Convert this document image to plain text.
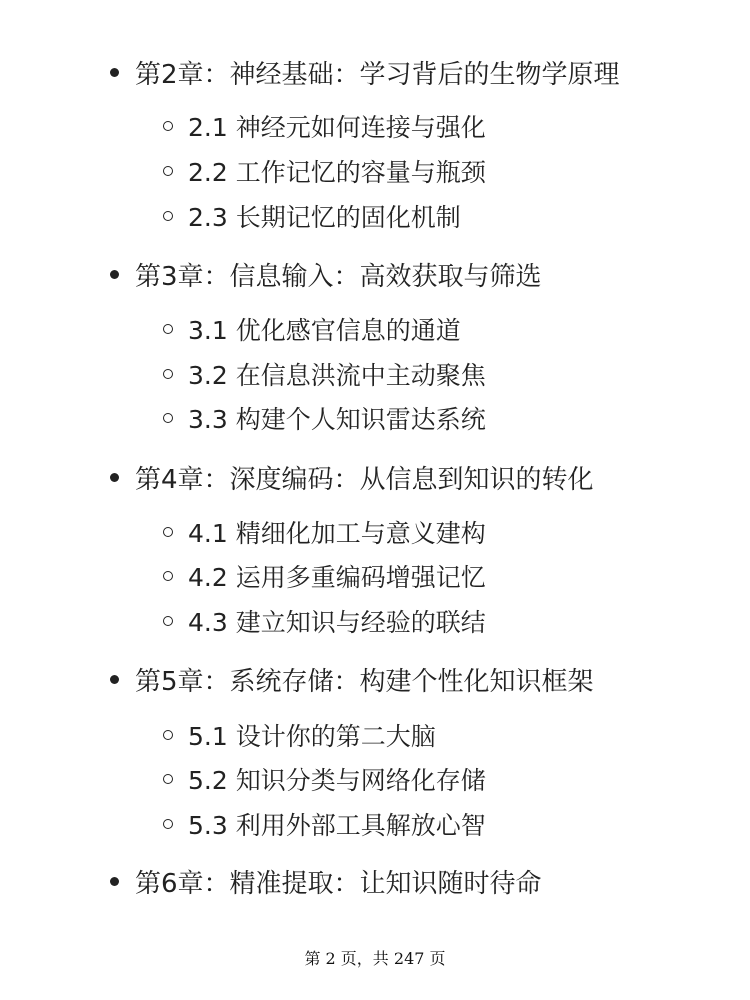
第2章：神经基础：学习背后的生物学原理
2.1 神经元如何连接与强化
2.2 工作记忆的容量与瓶颈
2.3 长期记忆的固化机制
第3章：信息输入：高效获取与筛选
3.1 优化感官信息的通道
3.2 在信息洪流中主动聚焦
3.3 构建个人知识雷达系统
第4章：深度编码：从信息到知识的转化
4.1 精细化加工与意义建构
4.2 运用多重编码增强记忆
4.3 建立知识与经验的联结
第5章：系统存储：构建个性化知识框架
5.1 设计你的第二大脑
5.2 知识分类与网络化存储
5.3 利用外部工具解放心智
第6章：精准提取：让知识随时待命
第 2 页，共 247 页
